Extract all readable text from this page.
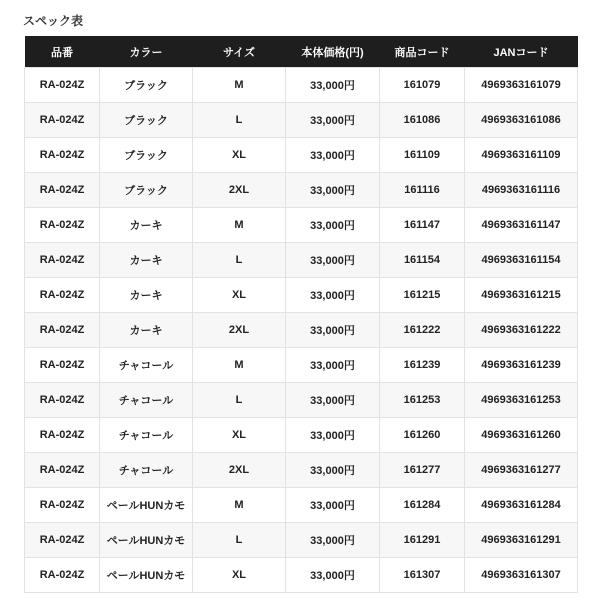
スペック表
品番	カラー	サイズ	本体価格(円)	商品コード	JANコード
RA-024Z	ブラック	M	33,000円	161079	4969363161079
RA-024Z	ブラック	L	33,000円	161086	4969363161086
RA-024Z	ブラック	XL	33,000円	161109	4969363161109
RA-024Z	ブラック	2XL	33,000円	161116	4969363161116
RA-024Z	カーキ	M	33,000円	161147	4969363161147
RA-024Z	カーキ	L	33,000円	161154	4969363161154
RA-024Z	カーキ	XL	33,000円	161215	4969363161215
RA-024Z	カーキ	2XL	33,000円	161222	4969363161222
RA-024Z	チャコール	M	33,000円	161239	4969363161239
RA-024Z	チャコール	L	33,000円	161253	4969363161253
RA-024Z	チャコール	XL	33,000円	161260	4969363161260
RA-024Z	チャコール	2XL	33,000円	161277	4969363161277
RA-024Z	ペールHUNカモ	M	33,000円	161284	4969363161284
RA-024Z	ペールHUNカモ	L	33,000円	161291	4969363161291
RA-024Z	ペールHUNカモ	XL	33,000円	161307	4969363161307
